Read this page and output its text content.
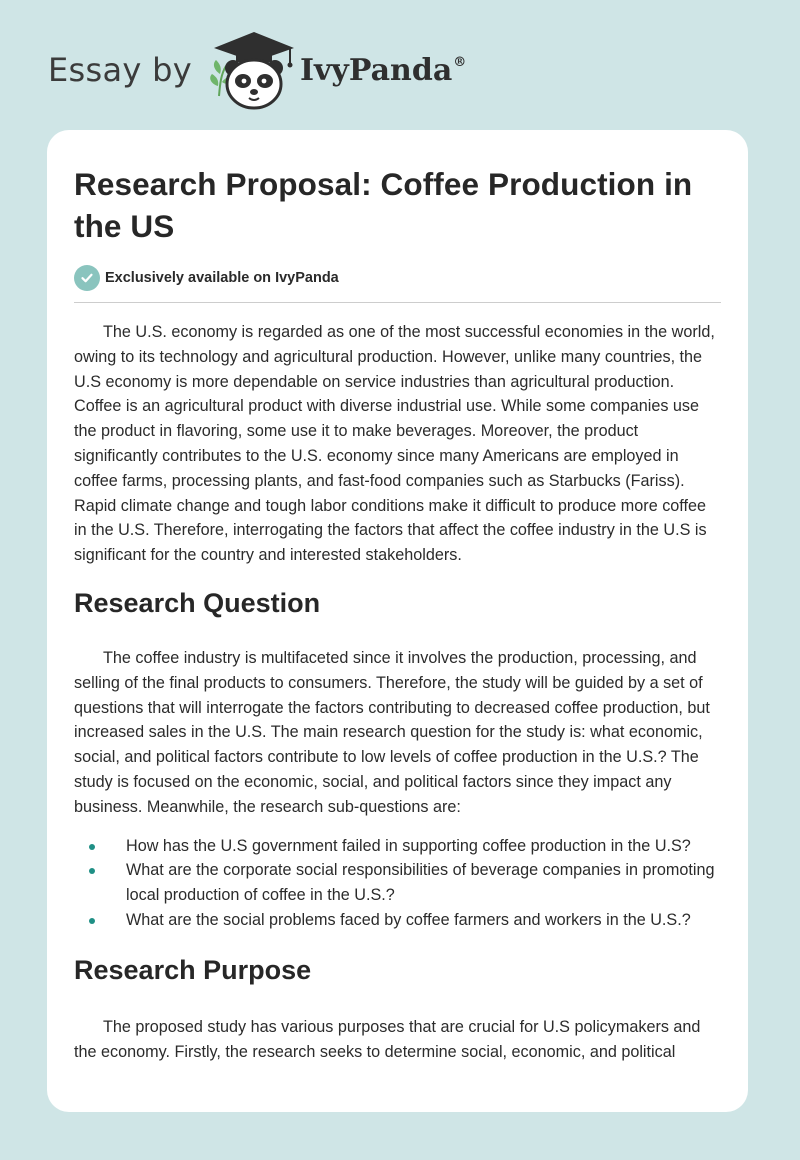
Essay by	IvyPanda®
Research Proposal: Coffee Production in the US
Exclusively available on IvyPanda

The U.S. economy is regarded as one of the most successful economies in the world, owing to its technology and agricultural production. However, unlike many countries, the U.S economy is more dependable on service industries than agricultural production. Coffee is an agricultural product with diverse industrial use. While some companies use the product in flavoring, some use it to make beverages. Moreover, the product significantly contributes to the U.S. economy since many Americans are employed in coffee farms, processing plants, and fast-food companies such as Starbucks (Fariss). Rapid climate change and tough labor conditions make it difficult to produce more coffee in the U.S. Therefore, interrogating the factors that affect the coffee industry in the U.S is significant for the country and interested stakeholders.

Research Question

The coffee industry is multifaceted since it involves the production, processing, and selling of the final products to consumers. Therefore, the study will be guided by a set of questions that will interrogate the factors contributing to decreased coffee production, but increased sales in the U.S. The main research question for the study is: what economic, social, and political factors contribute to low levels of coffee production in the U.S.? The study is focused on the economic, social, and political factors since they impact any business. Meanwhile, the research sub-questions are:

How has the U.S government failed in supporting coffee production in the U.S?
What are the corporate social responsibilities of beverage companies in promoting local production of coffee in the U.S.?
What are the social problems faced by coffee farmers and workers in the U.S.?
Research Purpose

The proposed study has various purposes that are crucial for U.S policymakers and the economy. Firstly, the research seeks to determine social, economic, and political
